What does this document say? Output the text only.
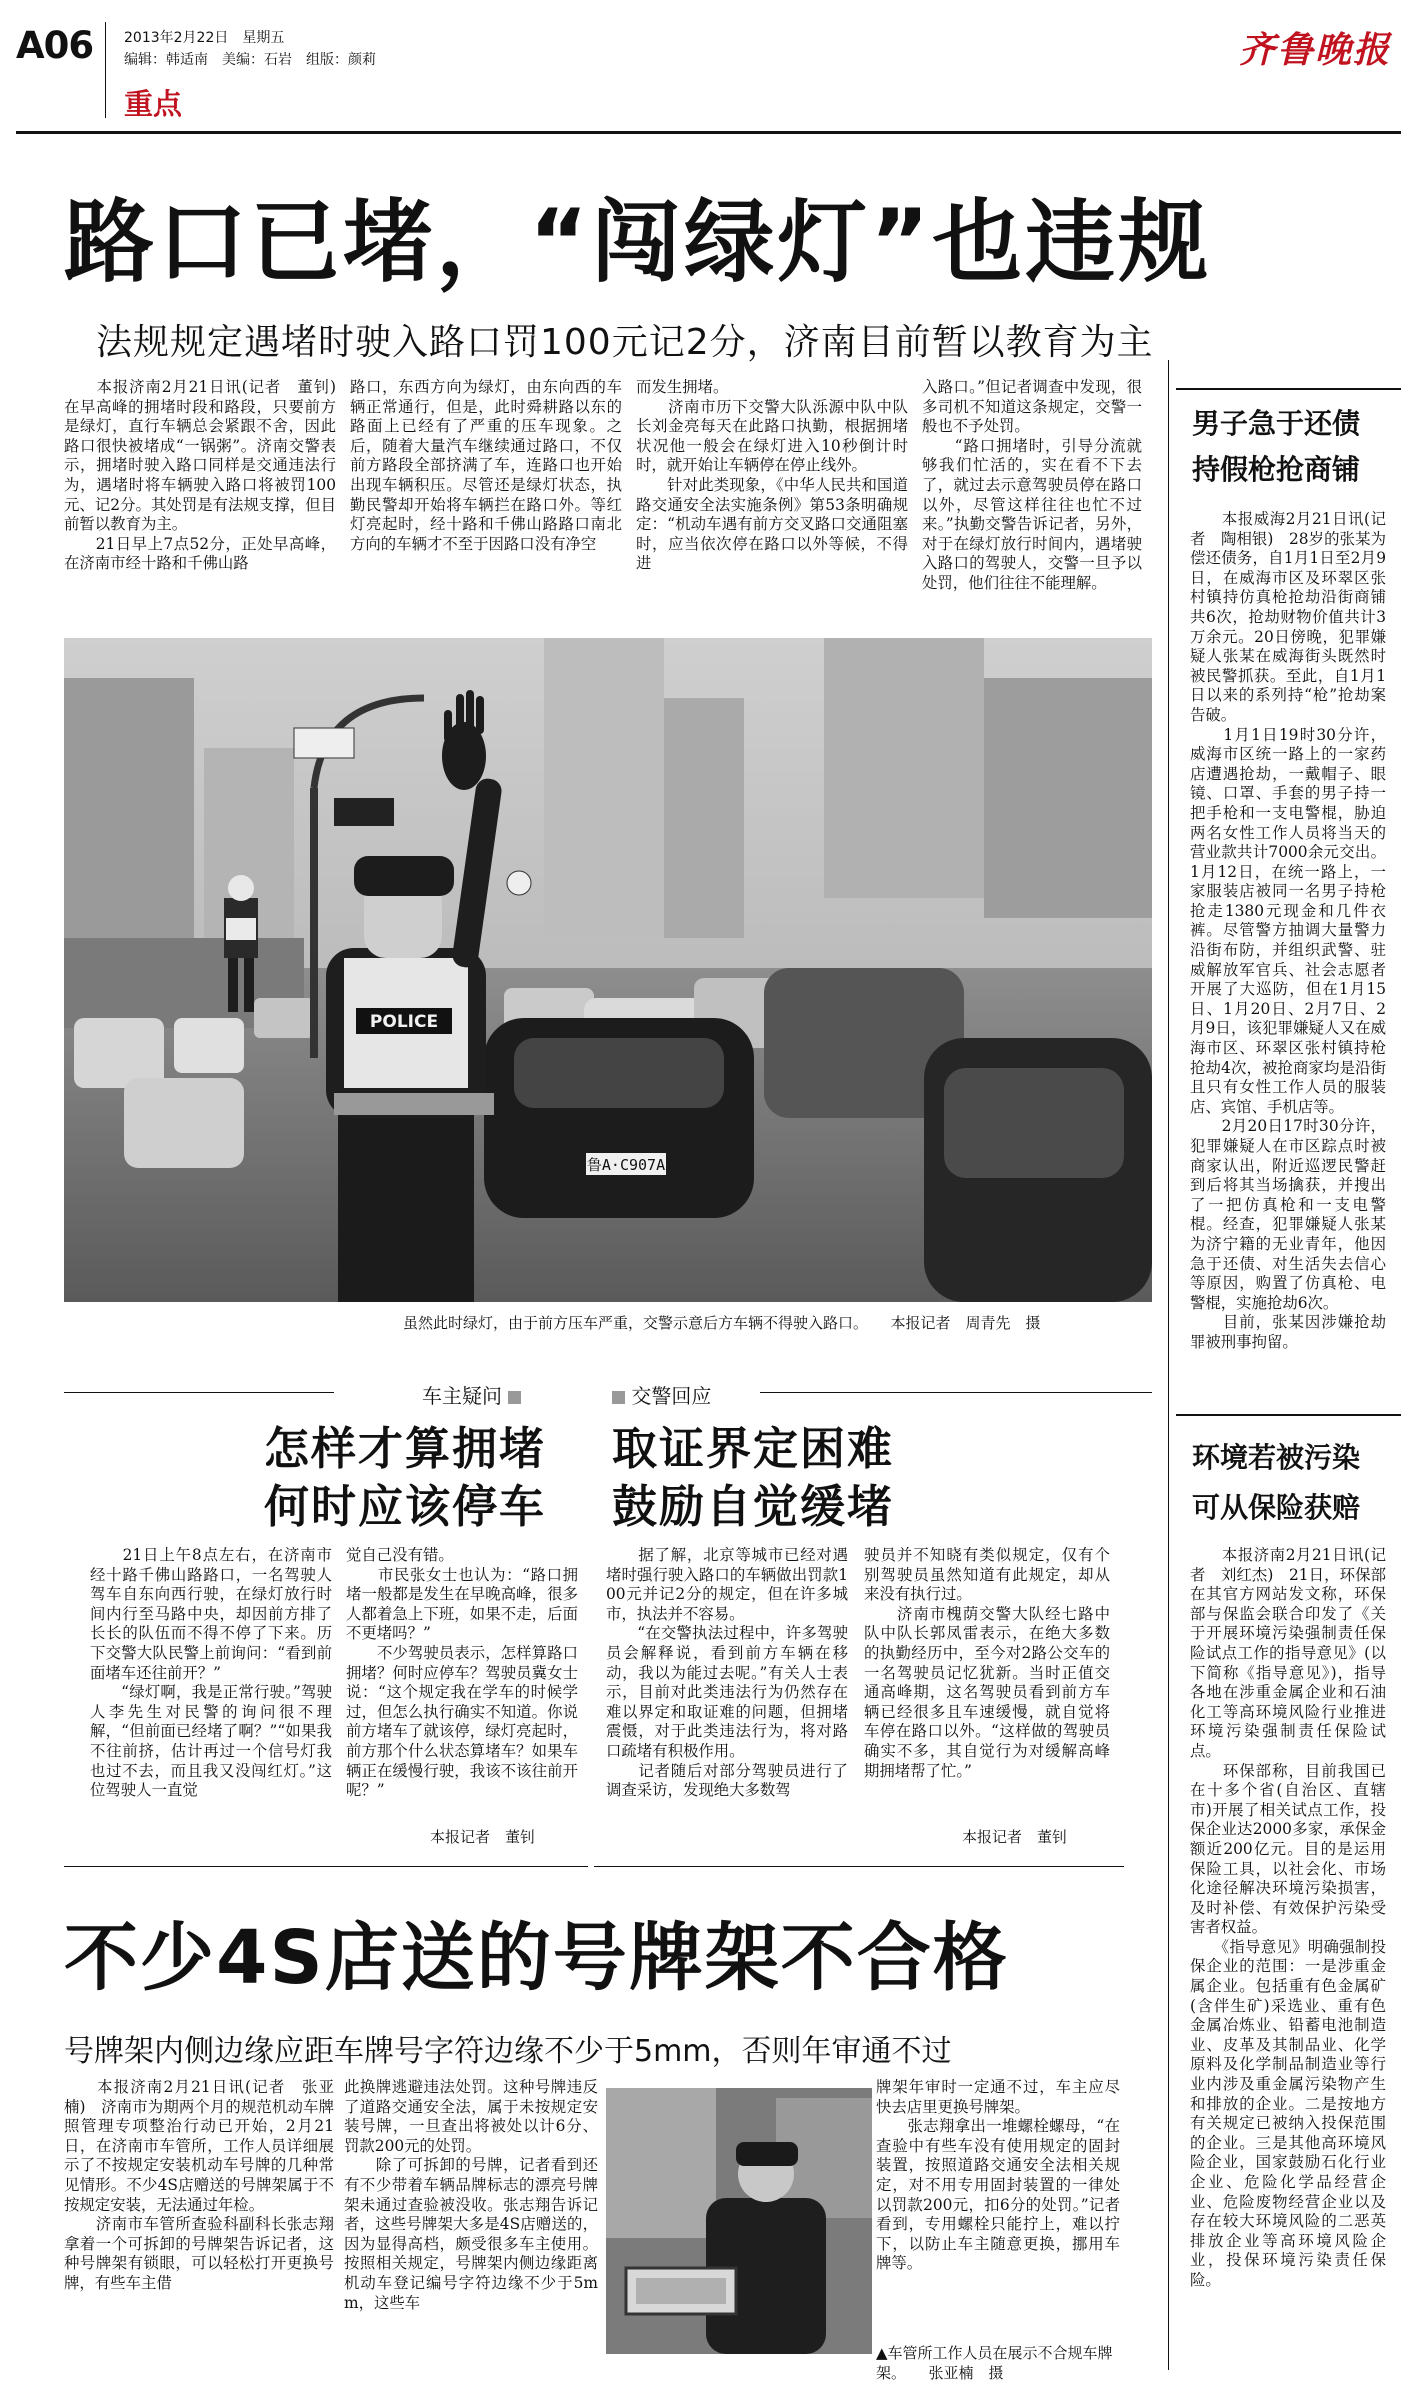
A06 2013年2月22日　星期五
编辑：韩适南　美编：石岩　组版：颜莉
重点
齐鲁晚报
路口已堵，“闯绿灯”也违规
法规规定遇堵时驶入路口罚100元记2分，济南目前暂以教育为主
　　本报济南2月21日讯(记者　董钊)　在早高峰的拥堵时段和路段，只要前方是绿灯，直行车辆总会紧跟不舍，因此路口很快被堵成“一锅粥”。济南交警表示，拥堵时驶入路口同样是交通违法行为，遇堵时将车辆驶入路口将被罚100元、记2分。其处罚是有法规支撑，但目前暂以教育为主。
　　21日早上7点52分，正处早高峰，在济南市经十路和千佛山路
路口，东西方向为绿灯，由东向西的车辆正常通行，但是，此时舜耕路以东的路面上已经有了严重的压车现象。之后，随着大量汽车继续通过路口，不仅前方路段全部挤满了车，连路口也开始出现车辆积压。尽管还是绿灯状态，执勤民警却开始将车辆拦在路口外。等红灯亮起时，经十路和千佛山路路口南北方向的车辆才不至于因路口没有净空
而发生拥堵。
　　济南市历下交警大队泺源中队中队长刘金亮每天在此路口执勤，根据拥堵状况他一般会在绿灯进入10秒倒计时时，就开始让车辆停在停止线外。
　　针对此类现象，《中华人民共和国道路交通安全法实施条例》第53条明确规定：“机动车遇有前方交叉路口交通阻塞时，应当依次停在路口以外等候，不得进
入路口。”但记者调查中发现，很多司机不知道这条规定，交警一般也不予处罚。
　　“路口拥堵时，引导分流就够我们忙活的，实在看不下去了，就过去示意驾驶员停在路口以外，尽管这样往往也忙不过来。”执勤交警告诉记者，另外，对于在绿灯放行时间内，遇堵驶入路口的驾驶人，交警一旦予以处罚，他们往往不能理解。
鲁A·C907A
POLICE
虽然此时绿灯，由于前方压车严重，交警示意后方车辆不得驶入路口。　　本报记者　周青先　摄
车主疑问
怎样才算拥堵
何时应该停车
　　21日上午8点左右，在济南市经十路千佛山路路口，一名驾驶人驾车自东向西行驶，在绿灯放行时间内行至马路中央，却因前方排了长长的队伍而不得不停了下来。历下交警大队民警上前询问：“看到前面堵车还往前开？”
　　“绿灯啊，我是正常行驶。”驾驶人李先生对民警的询问很不理解，“但前面已经堵了啊？”“如果我不往前挤，估计再过一个信号灯我也过不去，而且我又没闯红灯。”这位驾驶人一直觉
觉自己没有错。
　　市民张女士也认为：“路口拥堵一般都是发生在早晚高峰，很多人都着急上下班，如果不走，后面不更堵吗？”
　　不少驾驶员表示，怎样算路口拥堵？何时应停车？驾驶员冀女士说：“这个规定我在学车的时候学过，但怎么执行确实不知道。你说前方堵车了就该停，绿灯亮起时，前方那个什么状态算堵车？如果车辆正在缓慢行驶，我该不该往前开呢？”
本报记者　董钊
交警回应
取证界定困难
鼓励自觉缓堵
　　据了解，北京等城市已经对遇堵时强行驶入路口的车辆做出罚款100元并记2分的规定，但在许多城市，执法并不容易。
　　“在交警执法过程中，许多驾驶员会解释说，看到前方车辆在移动，我以为能过去呢。”有关人士表示，目前对此类违法行为仍然存在难以界定和取证难的问题，但拥堵震慑，对于此类违法行为，将对路口疏堵有积极作用。
　　记者随后对部分驾驶员进行了调查采访，发现绝大多数驾
驶员并不知晓有类似规定，仅有个别驾驶员虽然知道有此规定，却从来没有执行过。
　　济南市槐荫交警大队经七路中队中队长郭凤雷表示，在绝大多数的执勤经历中，至今对2路公交车的一名驾驶员记忆犹新。当时正值交通高峰期，这名驾驶员看到前方车辆已经很多且车速缓慢，就自觉将车停在路口以外。“这样做的驾驶员确实不多，其自觉行为对缓解高峰期拥堵帮了忙。”
本报记者　董钊
不少4S店送的号牌架不合格
号牌架内侧边缘应距车牌号字符边缘不少于5mm，否则年审通不过
　　本报济南2月21日讯(记者　张亚楠)　济南市为期两个月的规范机动车牌照管理专项整治行动已开始，2月21日，在济南市车管所，工作人员详细展示了不按规定安装机动车号牌的几种常见情形。不少4S店赠送的号牌架属于不按规定安装，无法通过年检。
　　济南市车管所查验科副科长张志翔拿着一个可拆卸的号牌架告诉记者，这种号牌架有锁眼，可以轻松打开更换号牌，有些车主借
此换牌逃避违法处罚。这种号牌违反了道路交通安全法，属于未按规定安装号牌，一旦查出将被处以计6分、罚款200元的处罚。
　　除了可拆卸的号牌，记者看到还有不少带着车辆品牌标志的漂亮号牌架未通过查验被没收。张志翔告诉记者，这些号牌架大多是4S店赠送的，因为显得高档，颇受很多车主使用。按照相关规定，号牌架内侧边缘距离机动车登记编号字符边缘不少于5mm，这些车
▲车管所工作人员在展示不合规车牌架。　　张亚楠　摄
牌架年审时一定通不过，车主应尽快去店里更换号牌架。
　　张志翔拿出一堆螺栓螺母，“在查验中有些车没有使用规定的固封装置，按照道路交通安全法相关规定，对不用专用固封装置的一律处以罚款200元，扣6分的处罚。”记者看到，专用螺栓只能拧上，难以拧下，以防止车主随意更换，挪用车牌等。
男子急于还债
持假枪抢商铺
　　本报威海2月21日讯(记者　陶相银)　28岁的张某为偿还债务，自1月1日至2月9日，在威海市区及环翠区张村镇持仿真枪抢劫沿街商铺共6次，抢劫财物价值共计3万余元。20日傍晚，犯罪嫌疑人张某在威海街头既然时被民警抓获。至此，自1月1日以来的系列持“枪”抢劫案告破。
　　1月1日19时30分许，威海市区统一路上的一家药店遭遇抢劫，一戴帽子、眼镜、口罩、手套的男子持一把手枪和一支电警棍，胁迫两名女性工作人员将当天的营业款共计7000余元交出。1月12日，在统一路上，一家服装店被同一名男子持枪抢走1380元现金和几件衣裤。尽管警方抽调大量警力沿街布防，并组织武警、驻威解放军官兵、社会志愿者开展了大巡防，但在1月15日、1月20日、2月7日、2月9日，该犯罪嫌疑人又在威海市区、环翠区张村镇持枪抢劫4次，被抢商家均是沿街且只有女性工作人员的服装店、宾馆、手机店等。
　　2月20日17时30分许，犯罪嫌疑人在市区踪点时被商家认出，附近巡逻民警赶到后将其当场擒获，并搜出了一把仿真枪和一支电警棍。经查，犯罪嫌疑人张某为济宁籍的无业青年，他因急于还债、对生活失去信心等原因，购置了仿真枪、电警棍，实施抢劫6次。
　　目前，张某因涉嫌抢劫罪被刑事拘留。
环境若被污染
可从保险获赔
　　本报济南2月21日讯(记者　刘红杰)　21日，环保部在其官方网站发文称，环保部与保监会联合印发了《关于开展环境污染强制责任保险试点工作的指导意见》(以下简称《指导意见》)，指导各地在涉重金属企业和石油化工等高环境风险行业推进环境污染强制责任保险试点。
　　环保部称，目前我国已在十多个省(自治区、直辖市)开展了相关试点工作，投保企业达2000多家，承保金额近200亿元。目的是运用保险工具，以社会化、市场化途径解决环境污染损害，及时补偿、有效保护污染受害者权益。
　　《指导意见》明确强制投保企业的范围：一是涉重金属企业。包括重有色金属矿(含伴生矿)采选业、重有色金属冶炼业、铅蓄电池制造业、皮革及其制品业、化学原料及化学制品制造业等行业内涉及重金属污染物产生和排放的企业。二是按地方有关规定已被纳入投保范围的企业。三是其他高环境风险企业，国家鼓励石化行业企业、危险化学品经营企业、危险废物经营企业以及存在较大环境风险的二恶英排放企业等高环境风险企业，投保环境污染责任保险。
